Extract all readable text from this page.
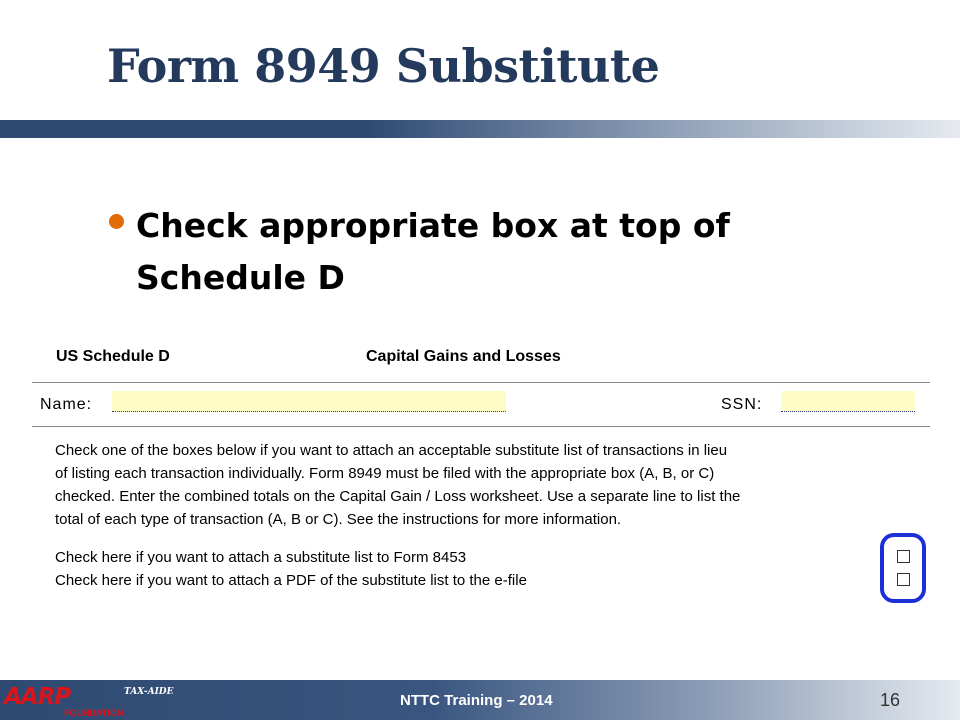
Form 8949 Substitute
Check appropriate box at top of Schedule D
US Schedule D	Capital Gains and Losses
Name:	SSN:
Check one of the boxes below if you want to attach an acceptable substitute list of transactions in lieu
of listing each transaction individually. Form 8949 must be filed with the appropriate box (A, B, or C)
checked. Enter the combined totals on the Capital Gain / Loss worksheet. Use a separate line to list the
total of each type of transaction (A, B or C). See the instructions for more information.
Check here if you want to attach a substitute list to Form 8453
Check here if you want to attach a PDF of the substitute list to the e-file
AARP
FOUNDATION
TAX-AIDE	NTTC Training – 2014	16
